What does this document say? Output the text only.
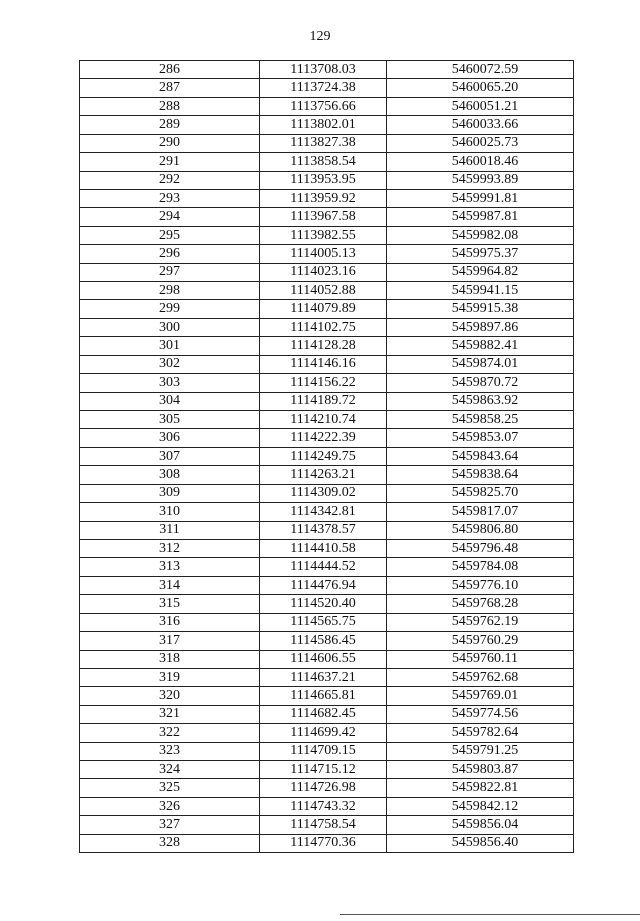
129
286	1113708.03	5460072.59
287	1113724.38	5460065.20
288	1113756.66	5460051.21
289	1113802.01	5460033.66
290	1113827.38	5460025.73
291	1113858.54	5460018.46
292	1113953.95	5459993.89
293	1113959.92	5459991.81
294	1113967.58	5459987.81
295	1113982.55	5459982.08
296	1114005.13	5459975.37
297	1114023.16	5459964.82
298	1114052.88	5459941.15
299	1114079.89	5459915.38
300	1114102.75	5459897.86
301	1114128.28	5459882.41
302	1114146.16	5459874.01
303	1114156.22	5459870.72
304	1114189.72	5459863.92
305	1114210.74	5459858.25
306	1114222.39	5459853.07
307	1114249.75	5459843.64
308	1114263.21	5459838.64
309	1114309.02	5459825.70
310	1114342.81	5459817.07
311	1114378.57	5459806.80
312	1114410.58	5459796.48
313	1114444.52	5459784.08
314	1114476.94	5459776.10
315	1114520.40	5459768.28
316	1114565.75	5459762.19
317	1114586.45	5459760.29
318	1114606.55	5459760.11
319	1114637.21	5459762.68
320	1114665.81	5459769.01
321	1114682.45	5459774.56
322	1114699.42	5459782.64
323	1114709.15	5459791.25
324	1114715.12	5459803.87
325	1114726.98	5459822.81
326	1114743.32	5459842.12
327	1114758.54	5459856.04
328	1114770.36	5459856.40
